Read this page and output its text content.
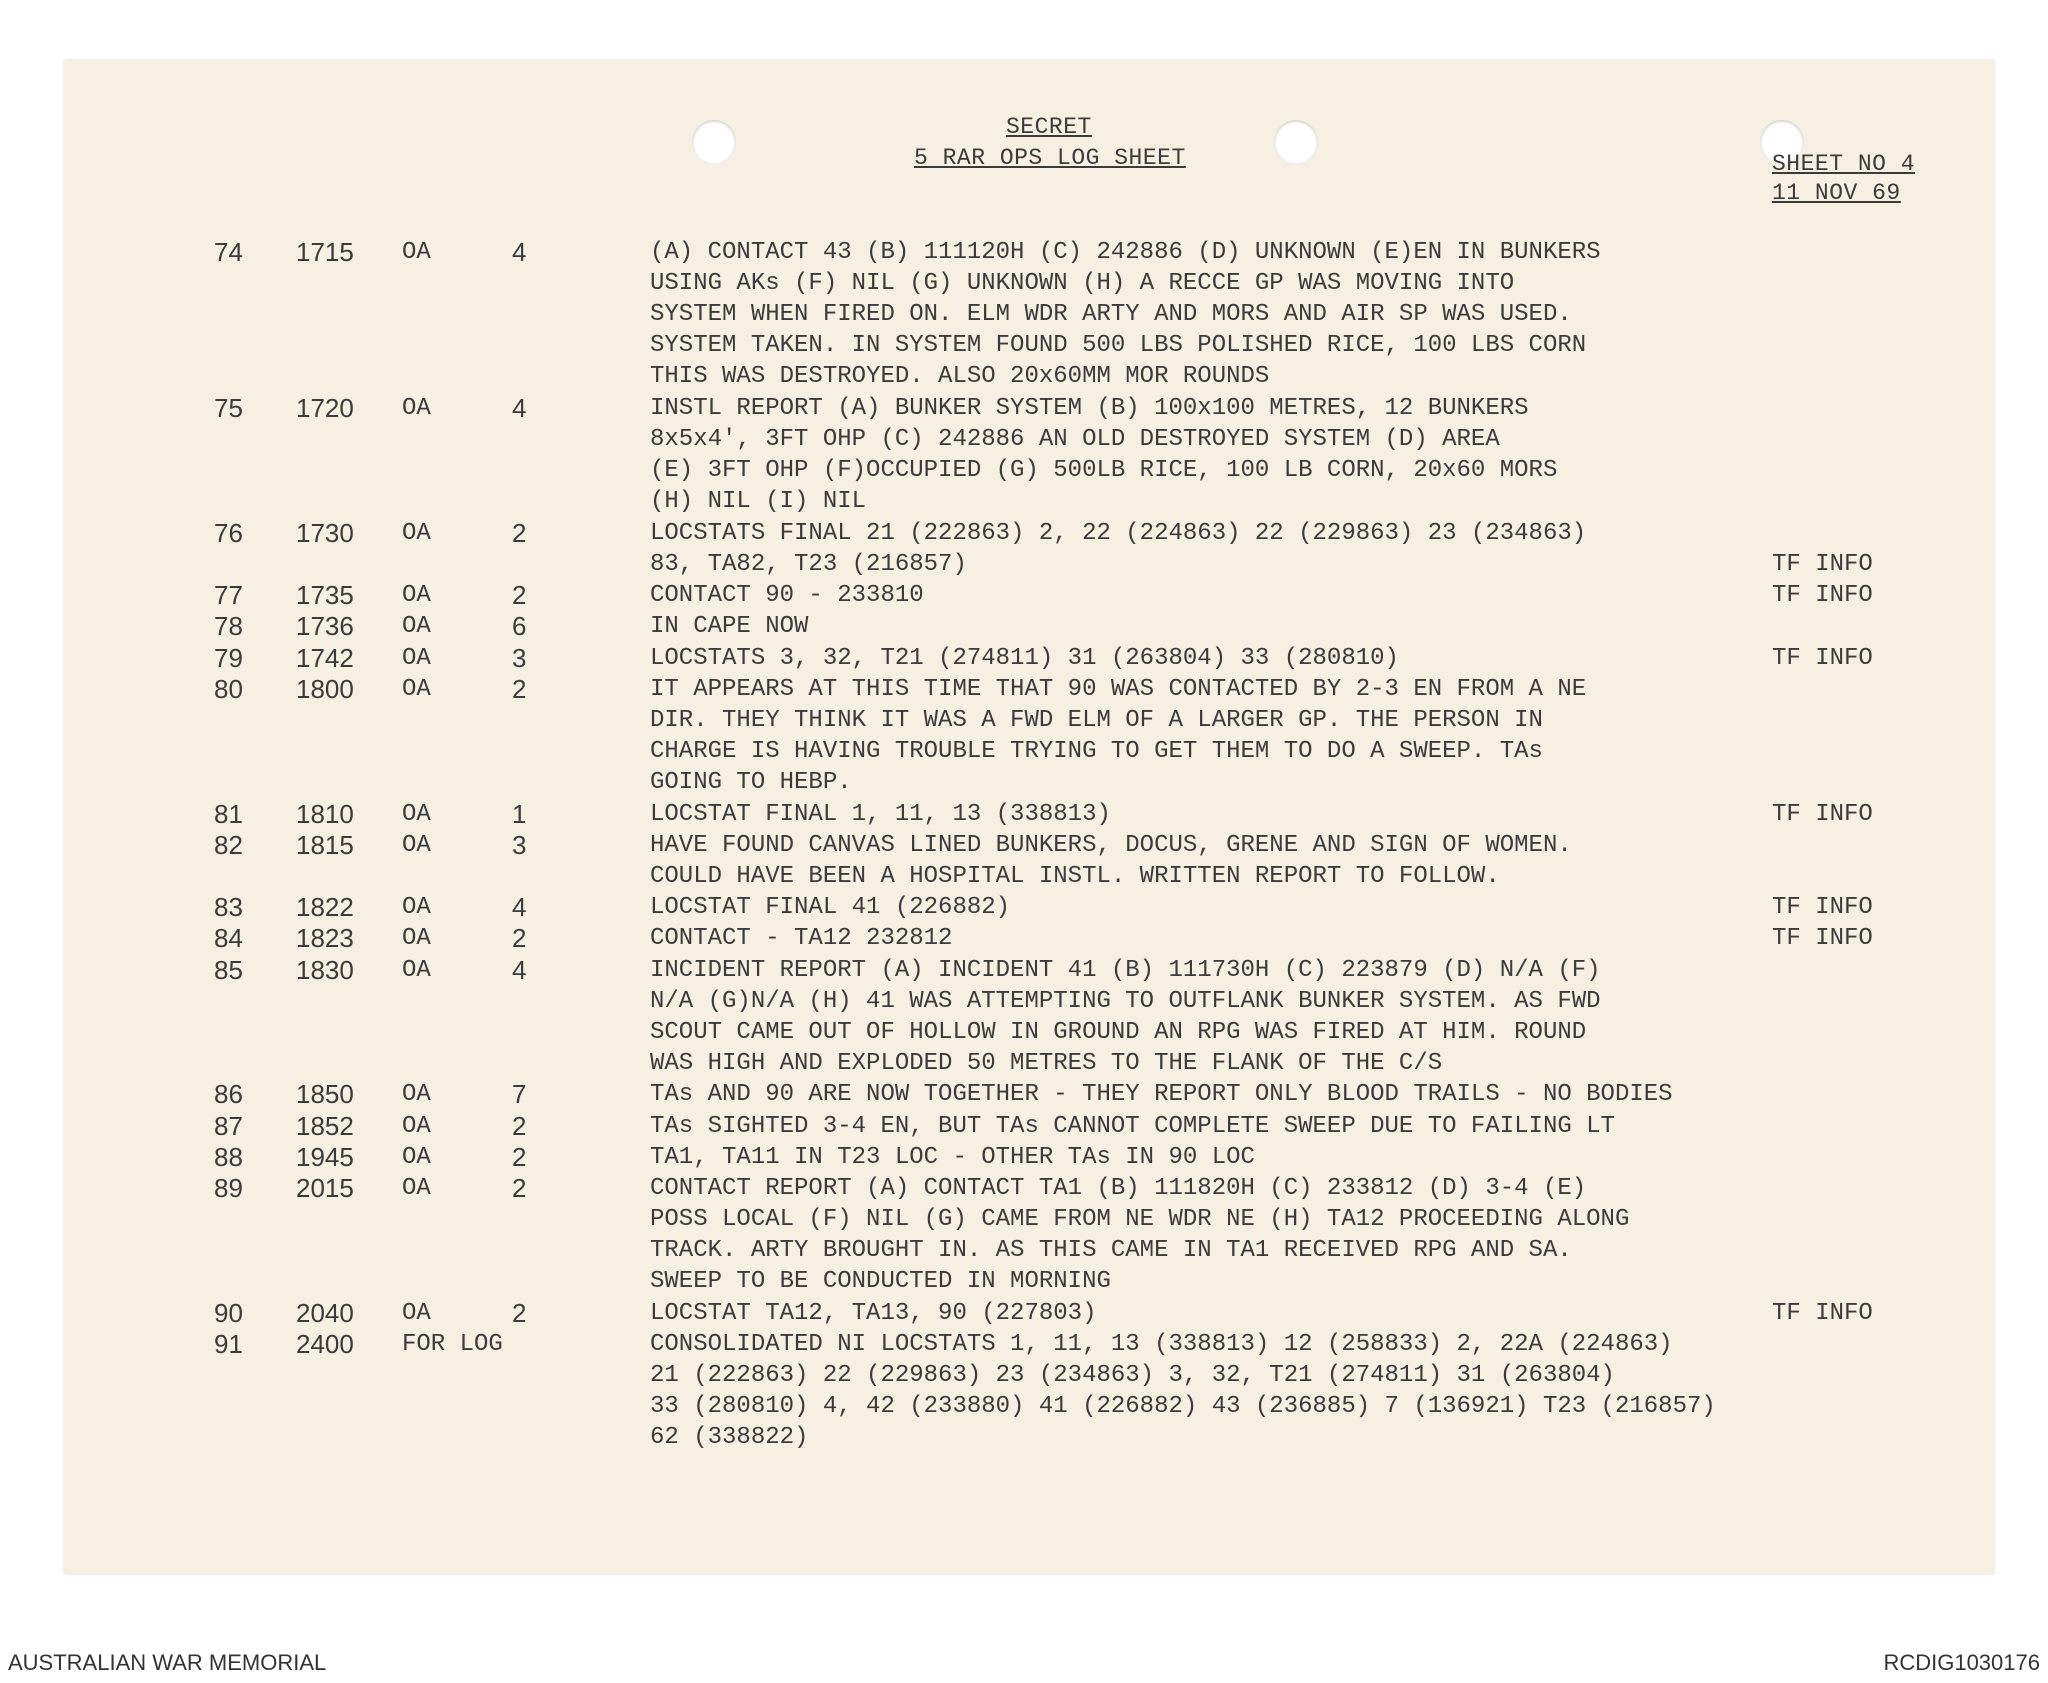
SECRET
5 RAR OPS LOG SHEET	SHEET NO 4
11 NOV 69
74 1715 OA	4	(A) CONTACT 43 (B) 111120H (C) 242886 (D) UNKNOWN (E)EN IN BUNKERS
USING AKs (F) NIL (G) UNKNOWN (H) A RECCE GP WAS MOVING INTO
SYSTEM WHEN FIRED ON. ELM WDR ARTY AND MORS AND AIR SP WAS USED.
SYSTEM TAKEN. IN SYSTEM FOUND 500 LBS POLISHED RICE, 100 LBS CORN
THIS WAS DESTROYED. ALSO 20x60MM MOR ROUNDS
75 1720 OA	4	INSTL REPORT (A) BUNKER SYSTEM (B) 100x100 METRES, 12 BUNKERS
8x5x4', 3FT OHP (C) 242886 AN OLD DESTROYED SYSTEM (D) AREA
(E) 3FT OHP (F)OCCUPIED (G) 500LB RICE, 100 LB CORN, 20x60 MORS
(H) NIL (I) NIL
76 1730 OA	2	LOCSTATS FINAL 21 (222863) 2, 22 (224863) 22 (229863) 23 (234863)
83, TA82, T23 (216857)	TF INFO
77 1735 OA	2	CONTACT 90 - 233810	TF INFO
78 1736 OA	6	IN CAPE NOW
79 1742 OA	3	LOCSTATS 3, 32, T21 (274811) 31 (263804) 33 (280810)	TF INFO
80 1800 OA	2	IT APPEARS AT THIS TIME THAT 90 WAS CONTACTED BY 2-3 EN FROM A NE
DIR. THEY THINK IT WAS A FWD ELM OF A LARGER GP. THE PERSON IN
CHARGE IS HAVING TROUBLE TRYING TO GET THEM TO DO A SWEEP. TAs
GOING TO HEBP.
81 1810 OA	1	LOCSTAT FINAL 1, 11, 13 (338813)	TF INFO
82 1815 OA	3	HAVE FOUND CANVAS LINED BUNKERS, DOCUS, GRENE AND SIGN OF WOMEN.
COULD HAVE BEEN A HOSPITAL INSTL. WRITTEN REPORT TO FOLLOW.
83 1822 OA	4	LOCSTAT FINAL 41 (226882)	TF INFO
84 1823 OA	2	CONTACT - TA12 232812	TF INFO
85 1830 OA	4	INCIDENT REPORT (A) INCIDENT 41 (B) 111730H (C) 223879 (D) N/A (F)
N/A (G)N/A (H) 41 WAS ATTEMPTING TO OUTFLANK BUNKER SYSTEM. AS FWD
SCOUT CAME OUT OF HOLLOW IN GROUND AN RPG WAS FIRED AT HIM. ROUND
WAS HIGH AND EXPLODED 50 METRES TO THE FLANK OF THE C/S
86 1850 OA	7	TAs AND 90 ARE NOW TOGETHER - THEY REPORT ONLY BLOOD TRAILS - NO BODIES
87 1852 OA	2	TAs SIGHTED 3-4 EN, BUT TAs CANNOT COMPLETE SWEEP DUE TO FAILING LT
88 1945 OA	2	TA1, TA11 IN T23 LOC - OTHER TAs IN 90 LOC
89 2015 OA	2	CONTACT REPORT (A) CONTACT TA1 (B) 111820H (C) 233812 (D) 3-4 (E)
POSS LOCAL (F) NIL (G) CAME FROM NE WDR NE (H) TA12 PROCEEDING ALONG
TRACK. ARTY BROUGHT IN. AS THIS CAME IN TA1 RECEIVED RPG AND SA.
SWEEP TO BE CONDUCTED IN MORNING
90 2040 OA	2	LOCSTAT TA12, TA13, 90 (227803)	TF INFO
91 2400 FOR LOG	CONSOLIDATED NI LOCSTATS 1, 11, 13 (338813) 12 (258833) 2, 22A (224863)
21 (222863) 22 (229863) 23 (234863) 3, 32, T21 (274811) 31 (263804)
33 (280810) 4, 42 (233880) 41 (226882) 43 (236885) 7 (136921) T23 (216857)
62 (338822)
AUSTRALIAN WAR MEMORIAL	RCDIG1030176
